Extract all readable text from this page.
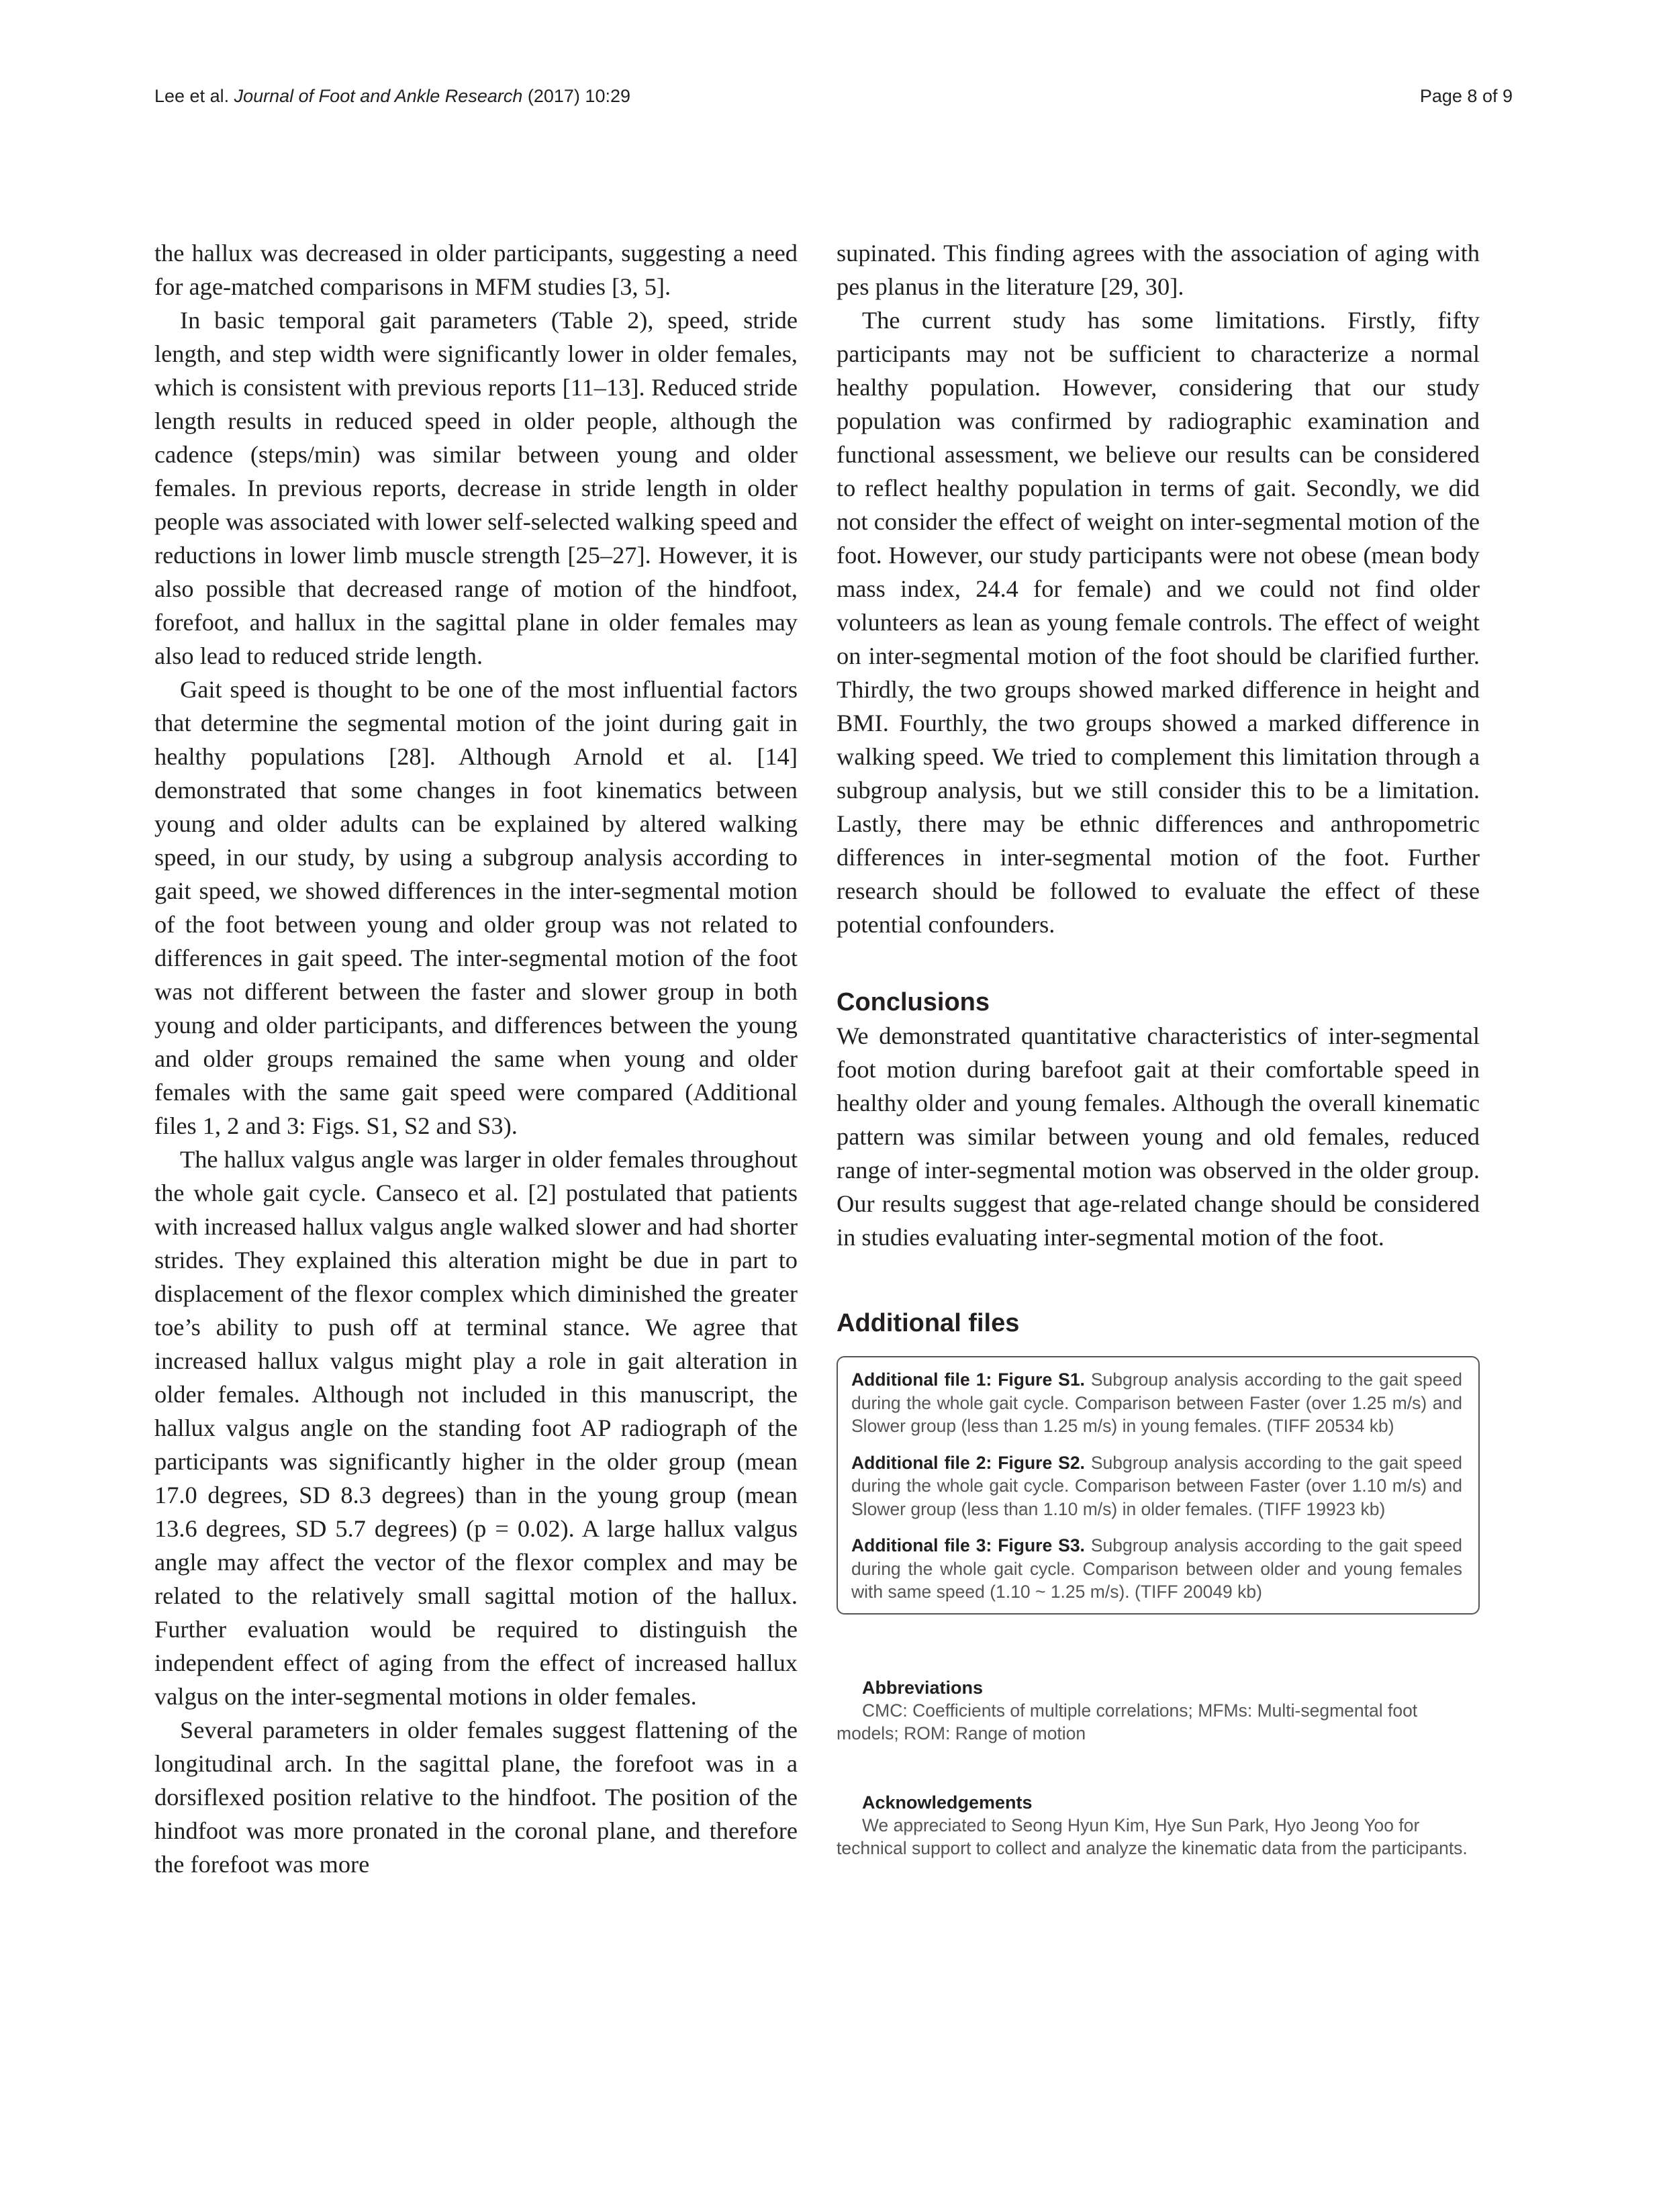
Lee et al. Journal of Foot and Ankle Research (2017) 10:29	Page 8 of 9

the hallux was decreased in older participants, suggesting a need for age-matched comparisons in MFM studies [3, 5].

In basic temporal gait parameters (Table 2), speed, stride length, and step width were significantly lower in older females, which is consistent with previous reports [11–13]. Reduced stride length results in reduced speed in older people, although the cadence (steps/min) was similar between young and older females. In previous reports, decrease in stride length in older people was associated with lower self-selected walking speed and reductions in lower limb muscle strength [25–27]. However, it is also possible that decreased range of motion of the hindfoot, forefoot, and hallux in the sagittal plane in older females may also lead to reduced stride length.

Gait speed is thought to be one of the most influential factors that determine the segmental motion of the joint during gait in healthy populations [28]. Although Arnold et al. [14] demonstrated that some changes in foot kinematics between young and older adults can be explained by altered walking speed, in our study, by using a subgroup analysis according to gait speed, we showed differences in the inter-segmental motion of the foot between young and older group was not related to differences in gait speed. The inter-segmental motion of the foot was not different between the faster and slower group in both young and older participants, and differences between the young and older groups remained the same when young and older females with the same gait speed were compared (Additional files 1, 2 and 3: Figs. S1, S2 and S3).

The hallux valgus angle was larger in older females throughout the whole gait cycle. Canseco et al. [2] postulated that patients with increased hallux valgus angle walked slower and had shorter strides. They explained this alteration might be due in part to displacement of the flexor complex which diminished the greater toe’s ability to push off at terminal stance. We agree that increased hallux valgus might play a role in gait alteration in older females. Although not included in this manuscript, the hallux valgus angle on the standing foot AP radiograph of the participants was significantly higher in the older group (mean 17.0 degrees, SD 8.3 degrees) than in the young group (mean 13.6 degrees, SD 5.7 degrees) (p = 0.02). A large hallux valgus angle may affect the vector of the flexor complex and may be related to the relatively small sagittal motion of the hallux. Further evaluation would be required to distinguish the independent effect of aging from the effect of increased hallux valgus on the inter-segmental motions in older females.

Several parameters in older females suggest flattening of the longitudinal arch. In the sagittal plane, the forefoot was in a dorsiflexed position relative to the hindfoot. The position of the hindfoot was more pronated in the coronal plane, and therefore the forefoot was more

supinated. This finding agrees with the association of aging with pes planus in the literature [29, 30].

The current study has some limitations. Firstly, fifty participants may not be sufficient to characterize a normal healthy population. However, considering that our study population was confirmed by radiographic examination and functional assessment, we believe our results can be considered to reflect healthy population in terms of gait. Secondly, we did not consider the effect of weight on inter-segmental motion of the foot. However, our study participants were not obese (mean body mass index, 24.4 for female) and we could not find older volunteers as lean as young female controls. The effect of weight on inter-segmental motion of the foot should be clarified further. Thirdly, the two groups showed marked difference in height and BMI. Fourthly, the two groups showed a marked difference in walking speed. We tried to complement this limitation through a subgroup analysis, but we still consider this to be a limitation. Lastly, there may be ethnic differences and anthropometric differences in inter-segmental motion of the foot. Further research should be followed to evaluate the effect of these potential confounders.

Conclusions

We demonstrated quantitative characteristics of inter-segmental foot motion during barefoot gait at their comfortable speed in healthy older and young females. Although the overall kinematic pattern was similar between young and old females, reduced range of inter-segmental motion was observed in the older group. Our results suggest that age-related change should be considered in studies evaluating inter-segmental motion of the foot.

Additional files
Additional file 1: Figure S1. Subgroup analysis according to the gait speed during the whole gait cycle. Comparison between Faster (over 1.25 m/s) and Slower group (less than 1.25 m/s) in young females. (TIFF 20534 kb)
Additional file 2: Figure S2. Subgroup analysis according to the gait speed during the whole gait cycle. Comparison between Faster (over 1.10 m/s) and Slower group (less than 1.10 m/s) in older females. (TIFF 19923 kb)
Additional file 3: Figure S3. Subgroup analysis according to the gait speed during the whole gait cycle. Comparison between older and young females with same speed (1.10 ~ 1.25 m/s). (TIFF 20049 kb)

Abbreviations

CMC: Coefficients of multiple correlations; MFMs: Multi-segmental foot models; ROM: Range of motion

Acknowledgements

We appreciated to Seong Hyun Kim, Hye Sun Park, Hyo Jeong Yoo for technical support to collect and analyze the kinematic data from the participants.
